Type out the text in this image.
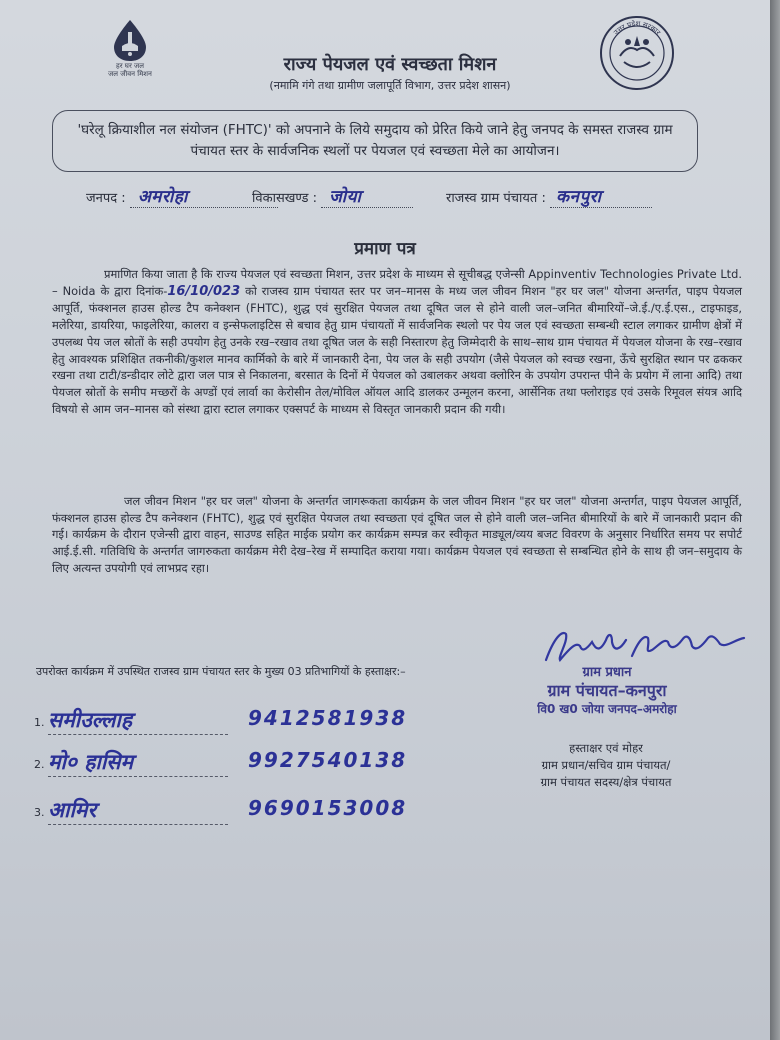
हर घर जल
जल जीवन मिशन	राज्य पेयजल एवं स्वच्छता मिशन
(नमामि गंगे तथा ग्रामीण जलापूर्ति विभाग, उत्तर प्रदेश शासन)
उत्तर प्रदेश सरकार
'घरेलू क्रियाशील नल संयोजन (FHTC)' को अपनाने के लिये समुदाय को प्रेरित किये जाने हेतु जनपद के समस्त राजस्व ग्राम पंचायत स्तर के सार्वजनिक स्थलों पर पेयजल एवं स्वच्छता मेले का आयोजन।
जनपद : अमरोहा	विकासखण्ड : जोया	राजस्व ग्राम पंचायत : कनपुरा
प्रमाण पत्र
प्रमाणित किया जाता है कि राज्य पेयजल एवं स्वच्छता मिशन, उत्तर प्रदेश के माध्यम से सूचीबद्ध एजेन्सी Appinventiv Technologies Private Ltd. – Noida के द्वारा दिनांक-16/10/023 को राजस्व ग्राम पंचायत स्तर पर जन–मानस के मध्य जल जीवन मिशन "हर घर जल" योजना अन्तर्गत, पाइप पेयजल आपूर्ति, फंक्शनल हाउस होल्ड टैप कनेक्शन (FHTC), शुद्ध एवं सुरक्षित पेयजल तथा दूषित जल से होने वाली जल–जनित बीमारियों–जे.ई./ए.ई.एस., टाइफाइड, मलेरिया, डायरिया, फाइलेरिया, कालरा व इन्सेफलाइटिस से बचाव हेतु ग्राम पंचायतों में सार्वजनिक स्थलो पर पेय जल एवं स्वच्छता सम्बन्धी स्टाल लगाकर ग्रामीण क्षेत्रों में उपलब्ध पेय जल स्रोतों के सही उपयोग हेतु उनके रख–रखाव तथा दूषित जल के सही निस्तारण हेतु जिम्मेदारी के साथ–साथ ग्राम पंचायत में पेयजल योजना के रख–रखाव हेतु आवश्यक प्रशिक्षित तकनीकी/कुशल मानव कार्मिको के बारे में जानकारी देना, पेय जल के सही उपयोग (जैसे पेयजल को स्वच्छ रखना, ऊँचे सुरक्षित स्थान पर ढककर रखना तथा टाटी/डन्डीदार लोटे द्वारा जल पात्र से निकालना, बरसात के दिनों में पेयजल को उबालकर अथवा क्लोरिन के उपयोग उपरान्त पीने के प्रयोग में लाना आदि) तथा पेयजल स्रोतों के समीप मच्छरों के अण्डों एवं लार्वा का केरोसीन तेल/मोविल ऑयल आदि डालकर उन्मूलन करना, आर्सेनिक तथा फ्लोराइड एवं उसके रिमूवल संयत्र आदि विषयो से आम जन–मानस को संस्था द्वारा स्टाल लगाकर एक्सपर्ट के माध्यम से विस्तृत जानकारी प्रदान की गयी।
जल जीवन मिशन "हर घर जल" योजना के अन्तर्गत जागरूकता कार्यक्रम के जल जीवन मिशन "हर घर जल" योजना अन्तर्गत, पाइप पेयजल आपूर्ति, फंक्शनल हाउस होल्ड टैप कनेक्शन (FHTC), शुद्ध एवं सुरक्षित पेयजल तथा स्वच्छता एवं दूषित जल से होने वाली जल–जनित बीमारियों के बारे में जानकारी प्रदान की गई। कार्यक्रम के दौरान एजेन्सी द्वारा वाहन, साउण्ड सहित माईक प्रयोग कर कार्यक्रम सम्पन्न कर स्वीकृत माड्यूल/व्यय बजट विवरण के अनुसार निर्धारित समय पर सपोर्ट आई.ई.सी. गतिविधि के अन्तर्गत जागरुकता कार्यक्रम मेरी देख–रेख में सम्पादित कराया गया। कार्यक्रम पेयजल एवं स्वच्छता से सम्बन्धित होने के साथ ही जन–समुदाय के लिए अत्यन्त उपयोगी एवं लाभप्रद रहा।
ग्राम प्रधान
ग्राम पंचायत–कनपुरा
वि0 ख0 जोया जनपद–अमरोहा
उपरोक्त कार्यक्रम में उपस्थित राजस्व ग्राम पंचायत स्तर के मुख्य 03 प्रतिभागियों के हस्ताक्षर:–
1. समीउल्लाह	9412581938
2. मो० हासिम	9927540138
3. आमिर	9690153008
हस्ताक्षर एवं मोहर
ग्राम प्रधान/सचिव ग्राम पंचायत/
ग्राम पंचायत सदस्य/क्षेत्र पंचायत
